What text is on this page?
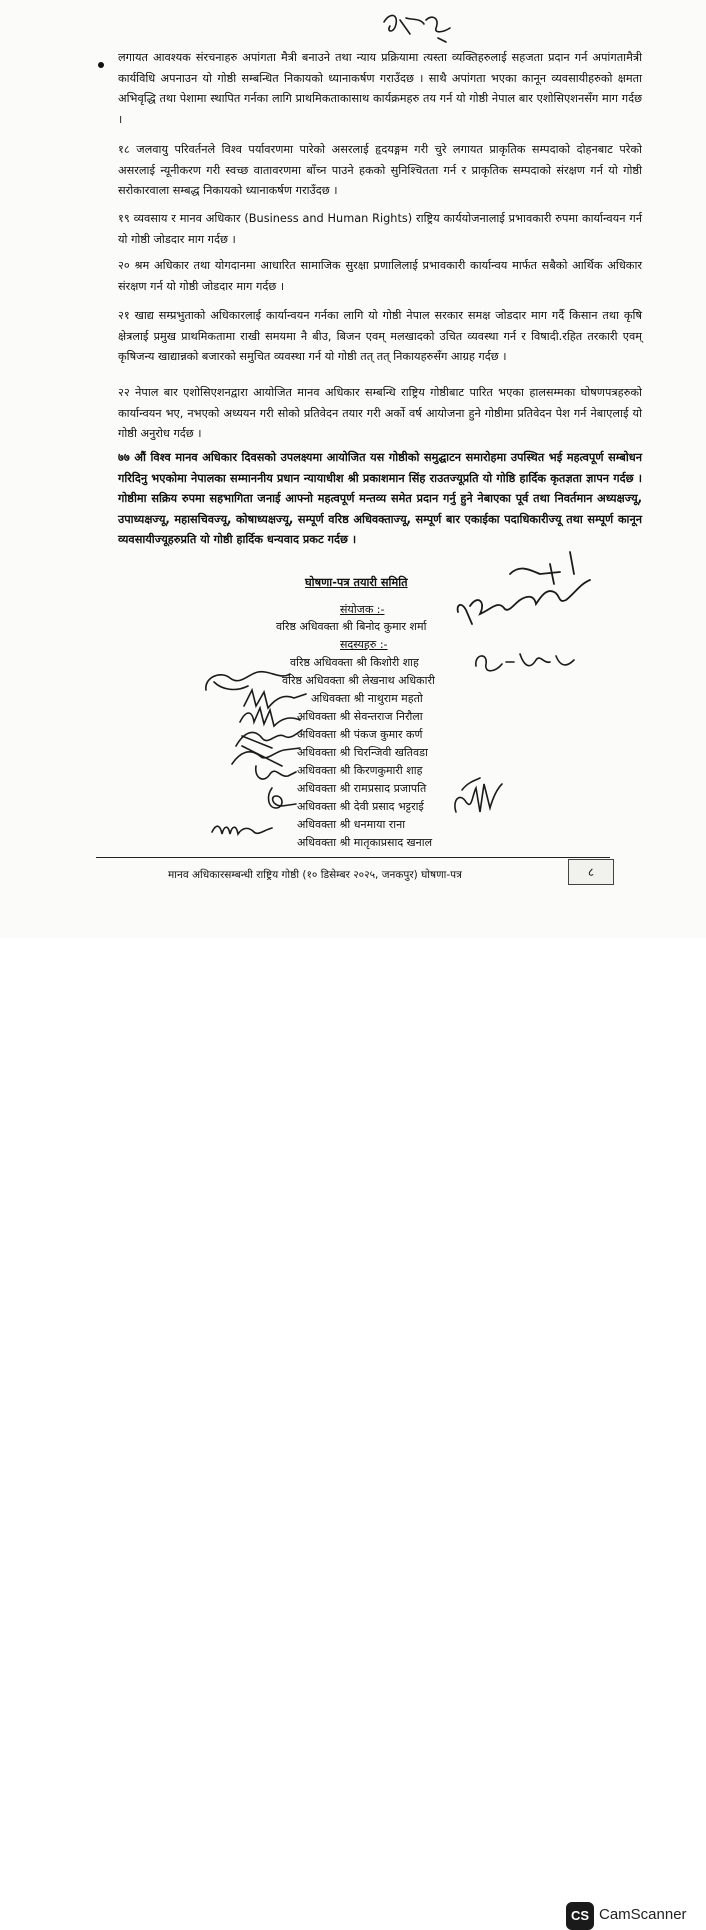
लगायत आवश्यक संरचनाहरु अपांगता मैत्री बनाउने तथा न्याय प्रक्रियामा त्यस्ता व्यक्तिहरुलाई सहजता प्रदान गर्न अपांगतामैत्री कार्यविधि अपनाउन यो गोष्ठी सम्बन्धित निकायको ध्यानाकर्षण गराउँदछ । साथै अपांगता भएका कानून व्यवसायीहरुको क्षमता अभिवृद्धि तथा पेशामा स्थापित गर्नका लागि प्राथमिकताकासाथ कार्यक्रमहरु तय गर्न यो गोष्ठी नेपाल बार एशोसिएशनसँग माग गर्दछ ।

१८ जलवायु परिवर्तनले विश्व पर्यावरणमा पारेको असरलाई हृदयङ्गम गरी चुरे लगायत प्राकृतिक सम्पदाको दोहनबाट परेको असरलाई न्यूनीकरण गरी स्वच्छ वातावरणमा बाँच्न पाउने हकको सुनिश्चितता गर्न र प्राकृतिक सम्पदाको संरक्षण गर्न यो गोष्ठी सरोकारवाला सम्बद्ध निकायको ध्यानाकर्षण गराउँदछ ।

१९ व्यवसाय र मानव अधिकार (Business and Human Rights) राष्ट्रिय कार्ययोजनालाई प्रभावकारी रुपमा कार्यान्वयन गर्न यो गोष्ठी जोडदार माग गर्दछ ।

२० श्रम अधिकार तथा योगदानमा आधारित सामाजिक सुरक्षा प्रणालिलाई प्रभावकारी कार्यान्वय मार्फत सबैको आर्थिक अधिकार संरक्षण गर्न यो गोष्ठी जोडदार माग गर्दछ ।

२१ खाद्य सम्प्रभुताको अधिकारलाई कार्यान्वयन गर्नका लागि यो गोष्ठी नेपाल सरकार समक्ष जोडदार माग गर्दै किसान तथा कृषि क्षेत्रलाई प्रमुख प्राथमिकतामा राखी समयमा नै बीउ, बिजन एवम् मलखादको उचित व्यवस्था गर्न र विषादी.रहित तरकारी एवम् कृषिजन्य खाद्यान्नको बजारको समुचित व्यवस्था गर्न यो गोष्ठी तत् तत् निकायहरुसँग आग्रह गर्दछ ।

२२ नेपाल बार एशोसिएशनद्वारा आयोजित मानव अधिकार सम्बन्धि राष्ट्रिय गोष्ठीबाट पारित भएका हालसम्मका घोषणपत्रहरुको कार्यान्वयन भए, नभएको अध्ययन गरी सोको प्रतिवेदन तयार गरी अर्को वर्ष आयोजना हुने गोष्ठीमा प्रतिवेदन पेश गर्न नेबाएलाई यो गोष्ठी अनुरोध गर्दछ ।

७७ औं विश्व मानव अधिकार दिवसको उपलक्ष्यमा आयोजित यस गोष्ठीको समुद्घाटन समारोहमा उपस्थित भई महत्वपूर्ण सम्बोधन गरिदिनु भएकोमा नेपालका सम्माननीय प्रधान न्यायाधीश श्री प्रकाशमान सिंह राउतज्यूप्रति यो गोष्ठि हार्दिक कृतज्ञता ज्ञापन गर्दछ । गोष्ठीमा सक्रिय रुपमा सहभागिता जनाई आफ्नो महत्वपूर्ण मन्तव्य समेत प्रदान गर्नु हुने नेबाएका पूर्व तथा निवर्तमान अध्यक्षज्यू, उपाध्यक्षज्यू, महासचिवज्यू, कोषाध्यक्षज्यू, सम्पूर्ण वरिष्ठ अधिवक्ताज्यू, सम्पूर्ण बार एकाईका पदाधिकारीज्यू तथा सम्पूर्ण कानून व्यवसायीज्यूहरुप्रति यो गोष्ठी हार्दिक धन्यवाद प्रकट गर्दछ ।

घोषणा-पत्र तयारी समिति
संयोजक :-
वरिष्ठ अधिवक्ता श्री बिनोद कुमार शर्मा
सदस्यहरु :-
वरिष्ठ अधिवक्ता श्री किशोरी शाह
वरिष्ठ अधिवक्ता श्री लेखनाथ अधिकारी
अधिवक्ता श्री नाथुराम महतो
अधिवक्ता श्री सेवन्तराज निरौला
अधिवक्ता श्री पंकज कुमार कर्ण
अधिवक्ता श्री चिरन्जिवी खतिवडा
अधिवक्ता श्री किरणकुमारी शाह
अधिवक्ता श्री रामप्रसाद प्रजापति
अधिवक्ता श्री देवी प्रसाद भट्टराई
अधिवक्ता श्री धनमाया राना
अधिवक्ता श्री मातृकाप्रसाद खनाल
मानव अधिकारसम्बन्धी राष्ट्रिय गोष्ठी (१० डिसेम्बर २०२५, जनकपुर) घोषणा-पत्र	८
CS CamScanner
